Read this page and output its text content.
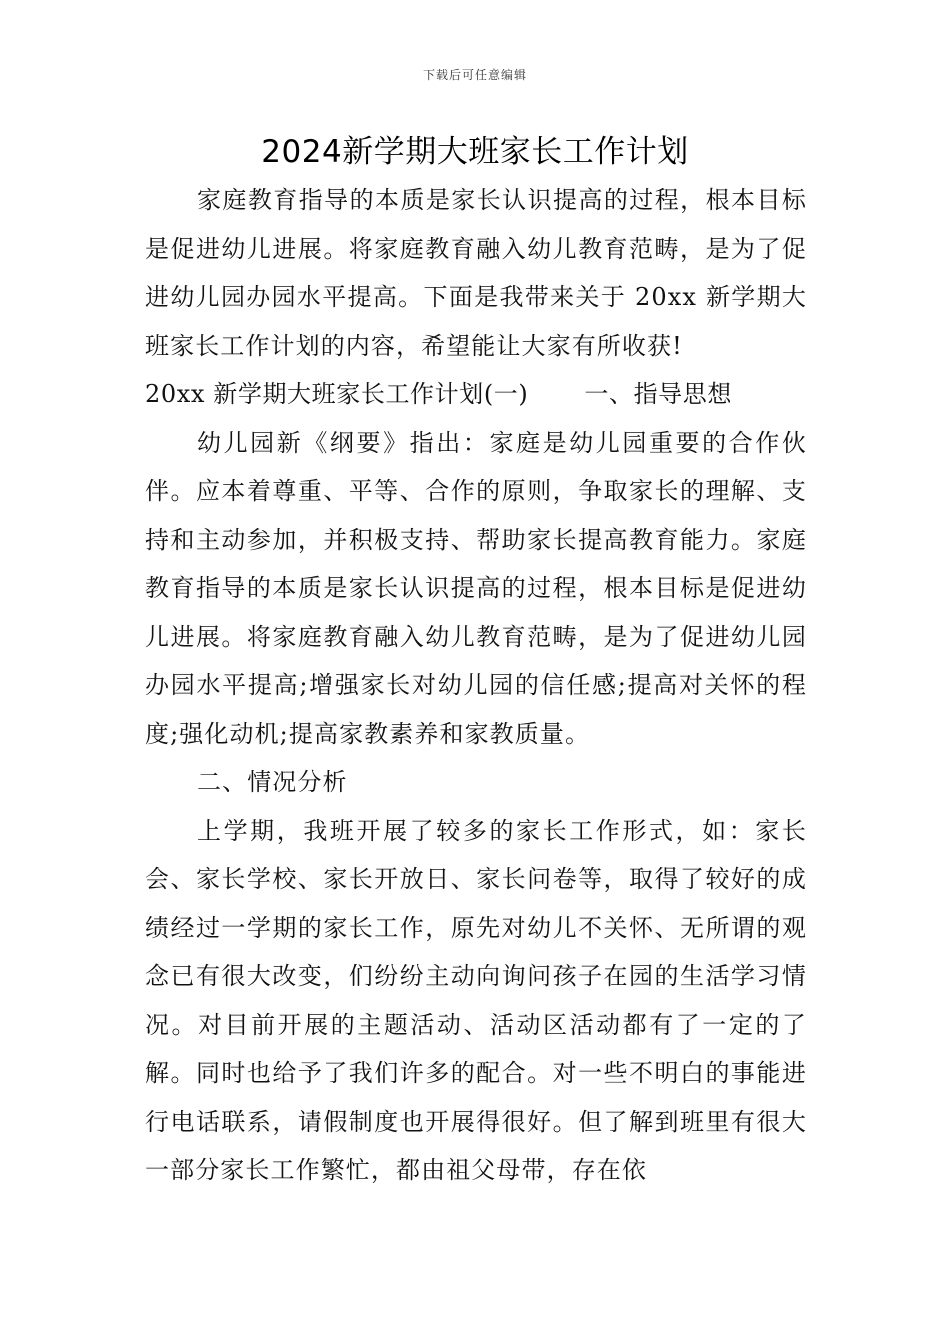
下载后可任意编辑
2024新学期大班家长工作计划

家庭教育指导的本质是家长认识提高的过程，根本目标是促进幼儿进展。将家庭教育融入幼儿教育范畴，是为了促进幼儿园办园水平提高。下面是我带来关于 20xx 新学期大班家长工作计划的内容，希望能让大家有所收获!

20xx 新学期大班家长工作计划(一) 一、指导思想

幼儿园新《纲要》指出：家庭是幼儿园重要的合作伙伴。应本着尊重、平等、合作的原则，争取家长的理解、支持和主动参加，并积极支持、帮助家长提高教育能力。家庭教育指导的本质是家长认识提高的过程，根本目标是促进幼儿进展。将家庭教育融入幼儿教育范畴，是为了促进幼儿园办园水平提高;增强家长对幼儿园的信任感;提高对关怀的程度;强化动机;提高家教素养和家教质量。

二、情况分析

上学期，我班开展了较多的家长工作形式，如：家长会、家长学校、家长开放日、家长问卷等，取得了较好的成绩经过一学期的家长工作，原先对幼儿不关怀、无所谓的观念已有很大改变，们纷纷主动向询问孩子在园的生活学习情况。对目前开展的主题活动、活动区活动都有了一定的了解。同时也给予了我们许多的配合。对一些不明白的事能进行电话联系，请假制度也开展得很好。但了解到班里有很大一部分家长工作繁忙，都由祖父母带，存在依
